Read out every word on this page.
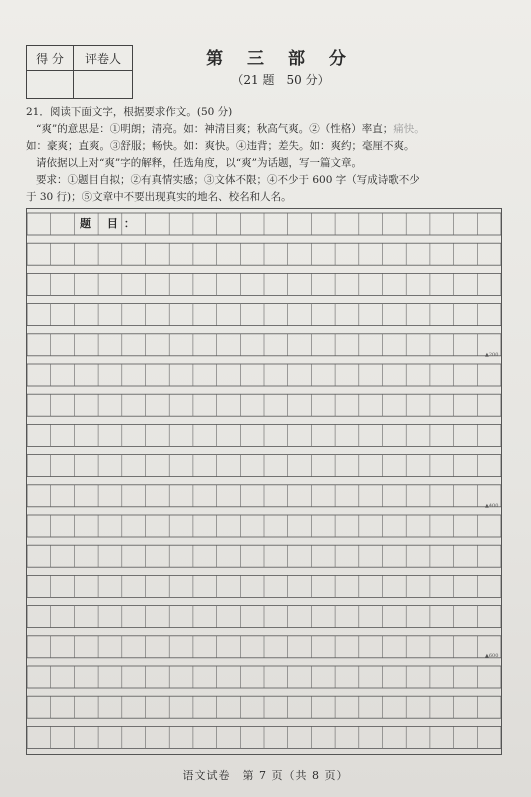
得 分	评卷人
		第 三 部 分
（21 题　50 分）
21．阅读下面文字，根据要求作文。(50 分)
“爽”的意思是：①明朗；清亮。如：神清目爽；秋高气爽。②（性格）率直；痛快。
如：豪爽；直爽。③舒服；畅快。如：爽快。④违背；差失。如：爽约；毫厘不爽。
请依据以上对“爽”字的解释，任选角度，以“爽”为话题，写一篇文章。
要求：①题目自拟；②有真情实感；③文体不限；④不少于 600 字（写成诗歌不少
于 30 行)；⑤文章中不要出现真实的地名、校名和人名。
题 目：
▲200
▲400
▲600
语文试卷　第 7 页（共 8 页）
